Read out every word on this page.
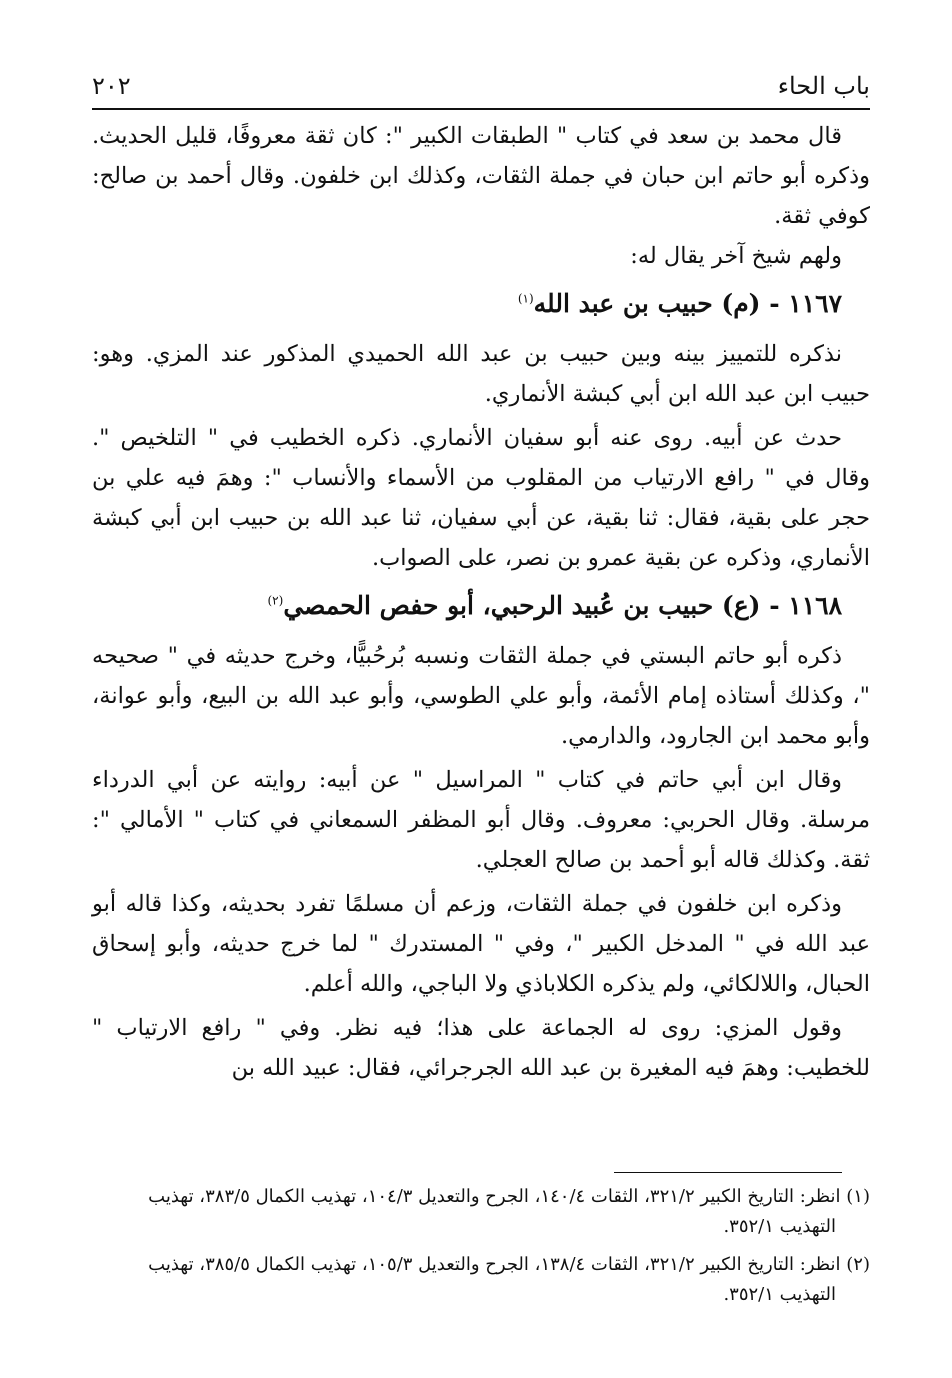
٢٠٢	باب الحاء

قال محمد بن سعد في كتاب " الطبقات الكبير ": كان ثقة معروفًا، قليل الحديث. وذكره أبو حاتم ابن حبان في جملة الثقات، وكذلك ابن خلفون. وقال أحمد بن صالح: كوفي ثقة.

ولهم شيخ آخر يقال له:

١١٦٧ - (م) حبيب بن عبد الله$^{(١)}$

نذكره للتمييز بينه وبين حبيب بن عبد الله الحميدي المذكور عند المزي. وهو: حبيب ابن عبد الله ابن أبي كبشة الأنماري.

حدث عن أبيه. روى عنه أبو سفيان الأنماري. ذكره الخطيب في " التلخيص ". وقال في " رافع الارتياب من المقلوب من الأسماء والأنساب ": وهمَ فيه علي بن حجر على بقية، فقال: ثنا بقية، عن أبي سفيان، ثنا عبد الله بن حبيب ابن أبي كبشة الأنماري، وذكره عن بقية عمرو بن نصر، على الصواب.

١١٦٨ - (ع) حبيب بن عُبيد الرحبي، أبو حفص الحمصي$^{(٢)}$

ذكره أبو حاتم البستي في جملة الثقات ونسبه بُرحُبيًّا، وخرج حديثه في " صحيحه "، وكذلك أستاذه إمام الأئمة، وأبو علي الطوسي، وأبو عبد الله بن البيع، وأبو عوانة، وأبو محمد ابن الجارود، والدارمي.

وقال ابن أبي حاتم في كتاب " المراسيل " عن أبيه: روايته عن أبي الدرداء مرسلة. وقال الحربي: معروف. وقال أبو المظفر السمعاني في كتاب " الأمالي ": ثقة. وكذلك قاله أبو أحمد بن صالح العجلي.

وذكره ابن خلفون في جملة الثقات، وزعم أن مسلمًا تفرد بحديثه، وكذا قاله أبو عبد الله في " المدخل الكبير "، وفي " المستدرك " لما خرج حديثه، وأبو إسحاق الحبال، واللالكائي، ولم يذكره الكلاباذي ولا الباجي، والله أعلم.

وقول المزي: روى له الجماعة على هذا؛ فيه نظر. وفي " رافع الارتياب " للخطيب: وهمَ فيه المغيرة بن عبد الله الجرجرائي، فقال: عبيد الله بن

(١) انظر: التاريخ الكبير ٣٢١/٢، الثقات ١٤٠/٤، الجرح والتعديل ١٠٤/٣، تهذيب الكمال ٣٨٣/٥، تهذيب التهذيب ٣٥٢/١.

(٢) انظر: التاريخ الكبير ٣٢١/٢، الثقات ١٣٨/٤، الجرح والتعديل ١٠٥/٣، تهذيب الكمال ٣٨٥/٥، تهذيب التهذيب ٣٥٢/١.
